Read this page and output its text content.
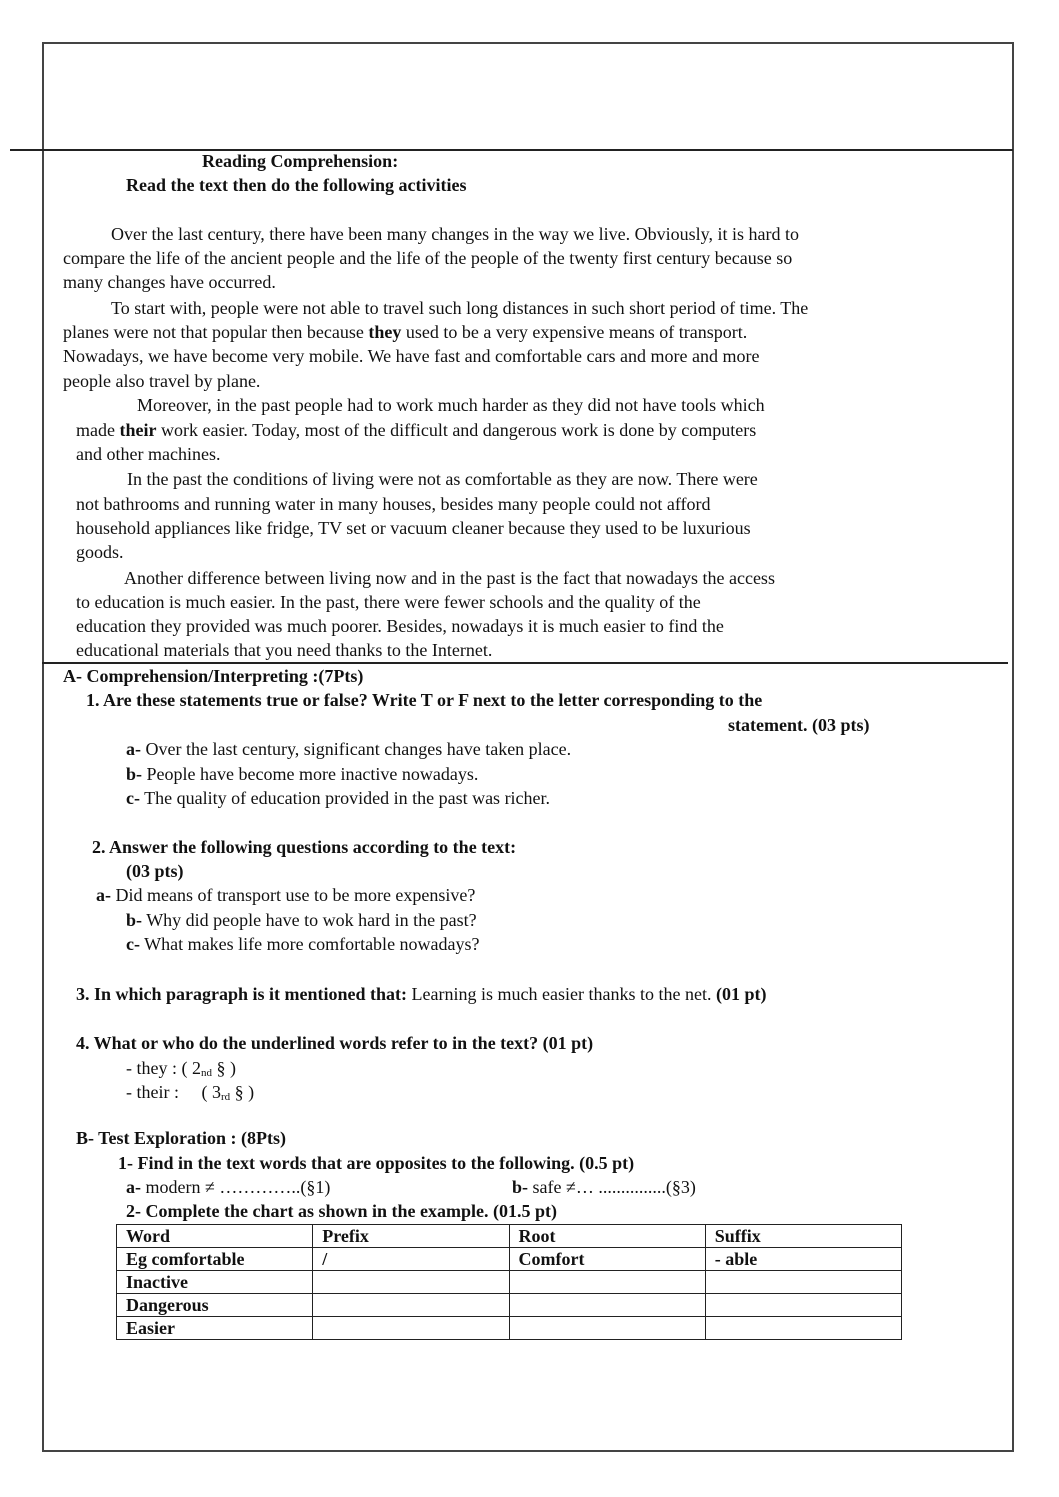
Reading Comprehension:
Read the text then do the following activities
Over the last century, there have been many changes in the way we live. Obviously, it is hard to
compare the life of the ancient people and the life of the people of the twenty first century because so
many changes have occurred.
To start with, people were not able to travel such long distances in such short period of time. The
planes were not that popular then because they used to be a very expensive means of transport.
Nowadays, we have become very mobile. We have fast and comfortable cars and more and more
people also travel by plane.
Moreover, in the past people had to work much harder as they did not have tools which
made their work easier. Today, most of the difficult and dangerous work is done by computers
and other machines.
In the past the conditions of living were not as comfortable as they are now. There were
not bathrooms and running water in many houses, besides many people could not afford
household appliances like fridge, TV set or vacuum cleaner because they used to be luxurious
goods.
Another difference between living now and in the past is the fact that nowadays the access
to education is much easier. In the past, there were fewer schools and the quality of the
education they provided was much poorer. Besides, nowadays it is much easier to find the
educational materials that you need thanks to the Internet.
A- Comprehension/Interpreting :(7Pts)
1. Are these statements true or false? Write T or F next to the letter corresponding to the
statement. (03 pts)
a- Over the last century, significant changes have taken place.
b- People have become more inactive nowadays.
c- The quality of education provided in the past was richer.
2. Answer the following questions according to the text:
(03 pts)
a- Did means of transport use to be more expensive?
b- Why did people have to wok hard in the past?
c- What makes life more comfortable nowadays?
3. In which paragraph is it mentioned that: Learning is much easier thanks to the net. (01 pt)
4. What or who do the underlined words refer to in the text? (01 pt)
- they : ( 2nd § )
- their :     ( 3rd § )
B- Test Exploration : (8Pts)
1- Find in the text words that are opposites to the following. (0.5 pt)
a- modern ≠ …………..(§1)	b- safe ≠… ...............(§3)
2- Complete the chart as shown in the example. (01.5 pt)
Word	Prefix	Root	Suffix
Eg comfortable	/	Comfort	- able
Inactive			
Dangerous			
Easier			
